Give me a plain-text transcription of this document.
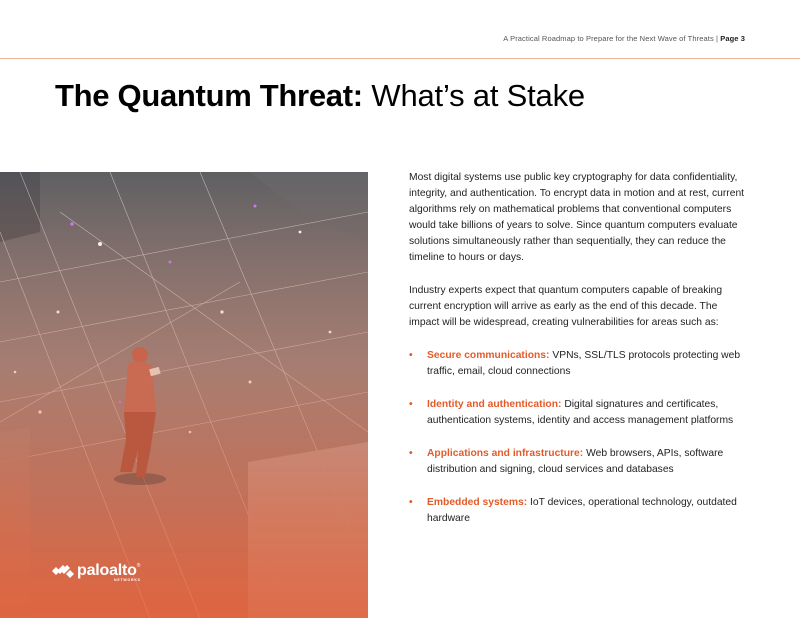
A Practical Roadmap to Prepare for the Next Wave of Threats | Page 3
The Quantum Threat: What’s at Stake
paloalto ®
NETWORKS

Most digital systems use public key cryptography for data confidentiality, integrity, and authentication. To encrypt data in motion and at rest, current algorithms rely on mathematical problems that conventional computers would take billions of years to solve. Since quantum computers evaluate solutions simultaneously rather than sequentially, they can reduce the timeline to hours or days.

Industry experts expect that quantum computers capable of breaking current encryption will arrive as early as the end of this decade. The impact will be widespread, creating vulnerabilities for areas such as:

• Secure communications: VPNs, SSL/TLS protocols protecting web traffic, email, cloud connections
• Identity and authentication: Digital signatures and certificates, authentication systems, identity and access management platforms
• Applications and infrastructure: Web browsers, APIs, software distribution and signing, cloud services and databases
• Embedded systems: IoT devices, operational technology, outdated hardware
